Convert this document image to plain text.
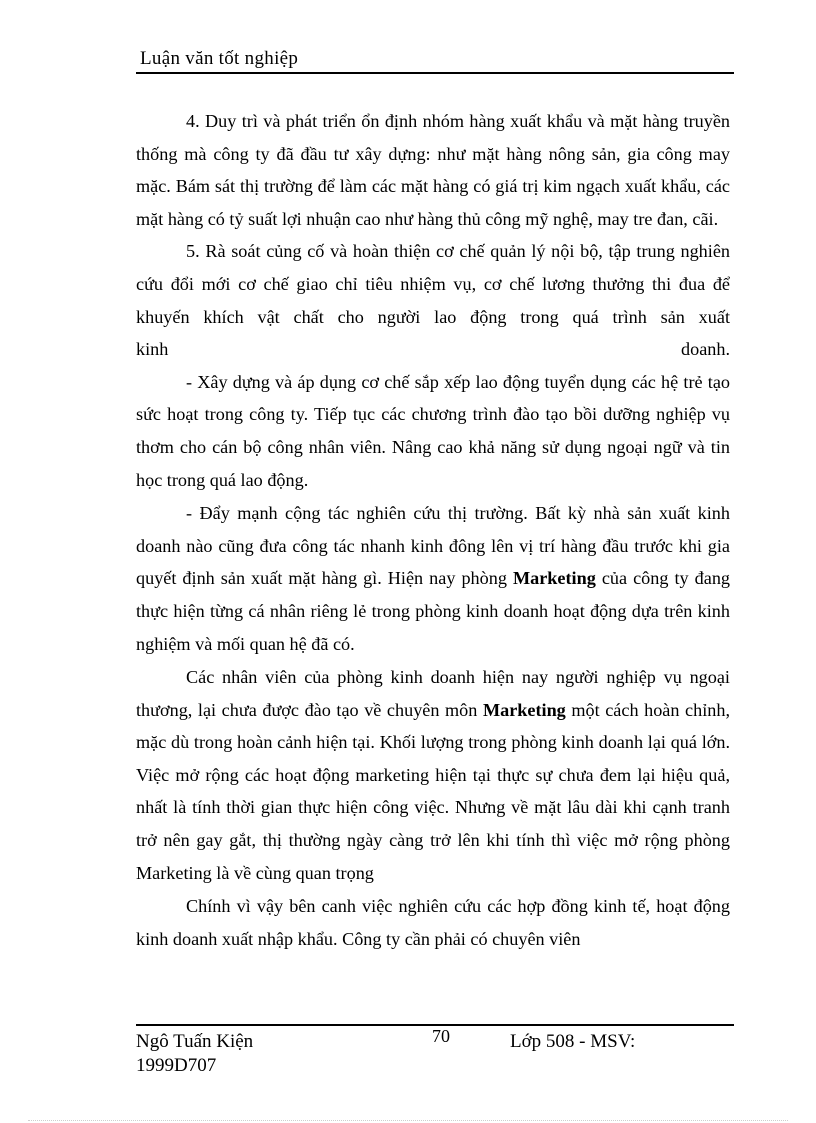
Luận văn tốt nghiệp

4. Duy trì và phát triển ổn định nhóm hàng xuất khẩu và mặt hàng truyền thống mà công ty đã đầu tư xây dựng: như mặt hàng nông sản, gia công may mặc. Bám sát thị trường để làm các mặt hàng có giá trị kim ngạch xuất khẩu, các mặt hàng có tỷ suất lợi nhuận cao như hàng thủ công mỹ nghệ, may tre đan, cãi.

5. Rà soát củng cố và hoàn thiện cơ chế quản lý nội bộ, tập trung nghiên cứu đổi mới cơ chế giao chỉ tiêu nhiệm vụ, cơ chế lương thưởng thi đua để khuyến khích vật chất cho người lao động trong quá trình sản xuất

kinh	doanh.

- Xây dựng và áp dụng cơ chế sắp xếp lao động tuyển dụng các hệ trẻ tạo sức hoạt trong công ty. Tiếp tục các chương trình đào tạo bồi dưỡng nghiệp vụ thơm cho cán bộ công nhân viên. Nâng cao khả năng sử dụng ngoại ngữ và tin học trong quá lao động.

- Đẩy mạnh cộng tác nghiên cứu thị trường. Bất kỳ nhà sản xuất kinh doanh nào cũng đưa công tác nhanh kinh đông lên vị trí hàng đầu trước khi gia quyết định sản xuất mặt hàng gì. Hiện nay phòng Marketing của công ty đang thực hiện từng cá nhân riêng lẻ trong phòng kinh doanh hoạt động dựa trên kinh nghiệm và mối quan hệ đã có.

Các nhân viên của phòng kinh doanh hiện nay người nghiệp vụ ngoại thương, lại chưa được đào tạo về chuyên môn Marketing một cách hoàn chỉnh, mặc dù trong hoàn cảnh hiện tại. Khối lượng trong phòng kinh doanh lại quá lớn. Việc mở rộng các hoạt động marketing hiện tại thực sự chưa đem lại hiệu quả, nhất là tính thời gian thực hiện công việc. Nhưng về mặt lâu dài khi cạnh tranh trở nên gay gắt, thị thường ngày càng trở lên khi tính thì việc mở rộng phòng Marketing là về cùng quan trọng

Chính vì vậy bên canh việc nghiên cứu các hợp đồng kinh tế, hoạt động kinh doanh xuất nhập khẩu. Công ty cần phải có chuyên viên

Ngô Tuấn Kiện
1999D707
70	Lớp 508 - MSV:
